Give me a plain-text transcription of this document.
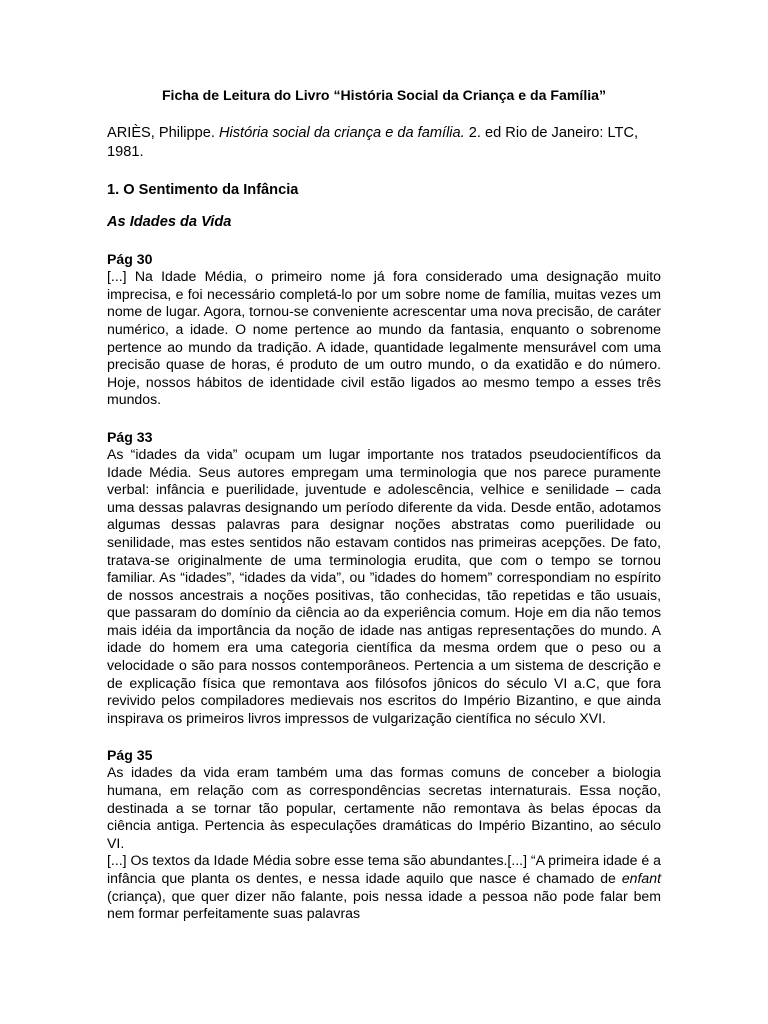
Ficha de Leitura do Livro “História Social da Criança e da Família”

ARIÈS, Philippe. História social da criança e da família. 2. ed Rio de Janeiro: LTC, 1981.

1. O Sentimento da Infância

As Idades da Vida

Pág 30

[...] Na Idade Média, o primeiro nome já fora considerado uma designação muito imprecisa, e foi necessário completá-lo por um sobre nome de família, muitas vezes um nome de lugar. Agora, tornou-se conveniente acrescentar uma nova precisão, de caráter numérico, a idade. O nome pertence ao mundo da fantasia, enquanto o sobrenome pertence ao mundo da tradição. A idade, quantidade legalmente mensurável com uma precisão quase de horas, é produto de um outro mundo, o da exatidão e do número. Hoje, nossos hábitos de identidade civil estão ligados ao mesmo tempo a esses três mundos.

Pág 33

As “idades da vida” ocupam um lugar importante nos tratados pseudocientíficos da Idade Média. Seus autores empregam uma terminologia que nos parece puramente verbal: infância e puerilidade, juventude e adolescência, velhice e senilidade – cada uma dessas palavras designando um período diferente da vida. Desde então, adotamos algumas dessas palavras para designar noções abstratas como puerilidade ou senilidade, mas estes sentidos não estavam contidos nas primeiras acepções. De fato, tratava-se originalmente de uma terminologia erudita, que com o tempo se tornou familiar. As “idades”, “idades da vida”, ou ”idades do homem” correspondiam no espírito de nossos ancestrais a noções positivas, tão conhecidas, tão repetidas e tão usuais, que passaram do domínio da ciência ao da experiência comum. Hoje em dia não temos mais idéia da importância da noção de idade nas antigas representações do mundo. A idade do homem era uma categoria científica da mesma ordem que o peso ou a velocidade o são para nossos contemporâneos. Pertencia a um sistema de descrição e de explicação física que remontava aos filósofos jônicos do século VI a.C, que fora revivido pelos compiladores medievais nos escritos do Império Bizantino, e que ainda inspirava os primeiros livros impressos de vulgarização científica no século XVI.

Pág 35

As idades da vida eram também uma das formas comuns de conceber a biologia humana, em relação com as correspondências secretas internaturais. Essa noção, destinada a se tornar tão popular, certamente não remontava às belas épocas da ciência antiga. Pertencia às especulações dramáticas do Império Bizantino, ao século VI.

[...] Os textos da Idade Média sobre esse tema são abundantes.[...] “A primeira idade é a infância que planta os dentes, e nessa idade aquilo que nasce é chamado de enfant (criança), que quer dizer não falante, pois nessa idade a pessoa não pode falar bem nem formar perfeitamente suas palavras
